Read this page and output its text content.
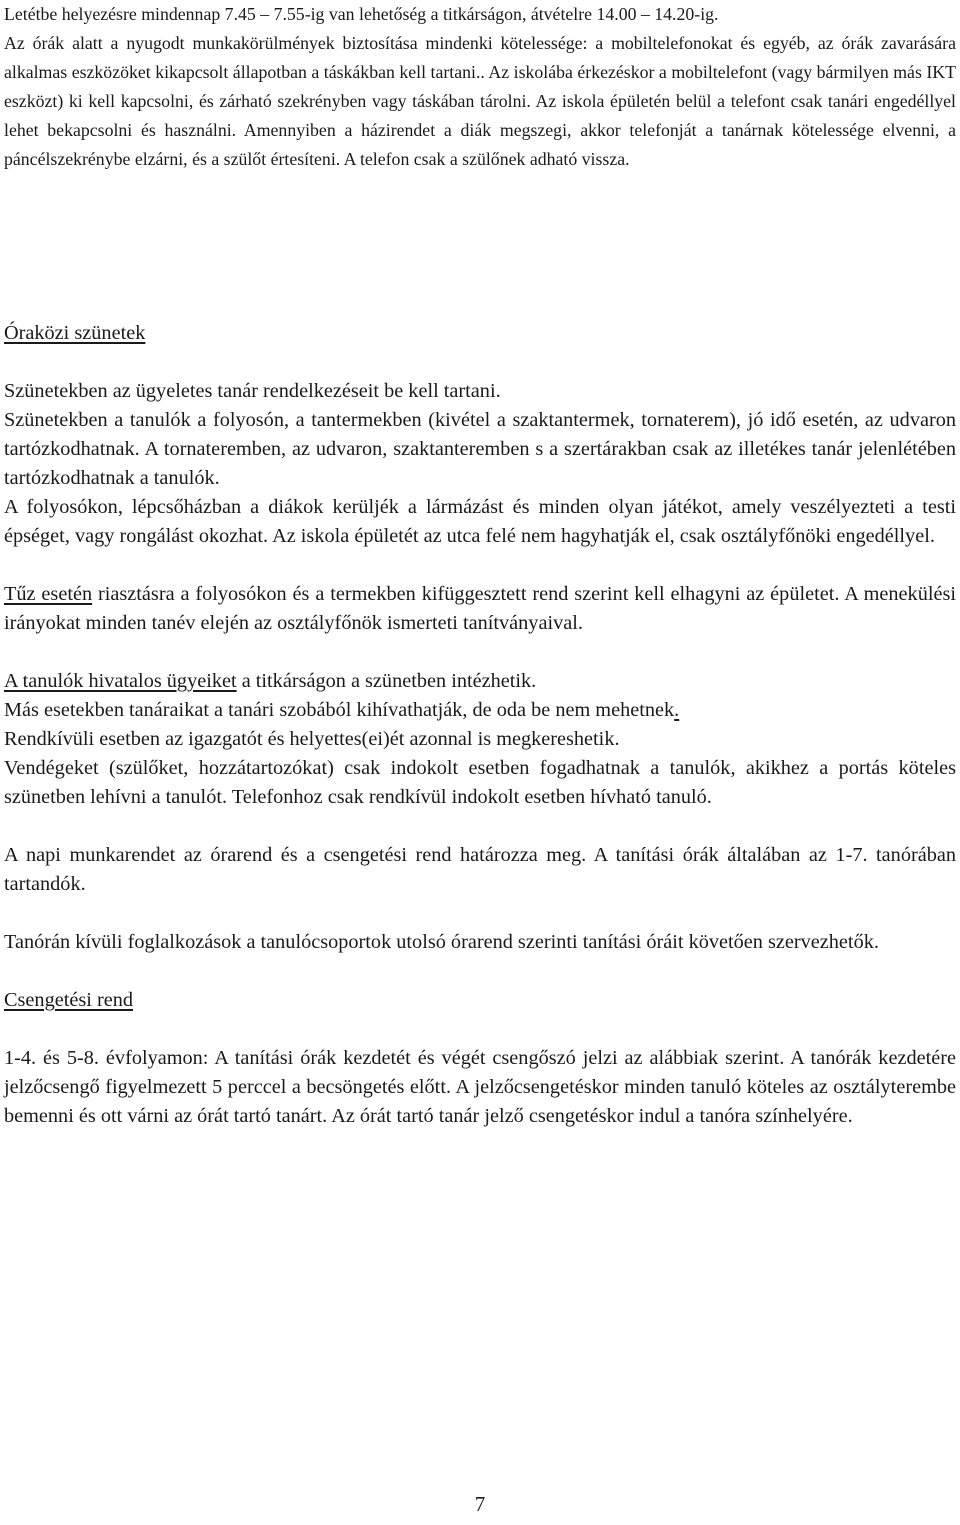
Letétbe helyezésre mindennap 7.45 – 7.55-ig van lehetőség a titkárságon, átvételre 14.00 – 14.20-ig.

Az órák alatt a nyugodt munkakörülmények biztosítása mindenki kötelessége: a mobiltelefonokat és egyéb, az órák zavarására alkalmas eszközöket kikapcsolt állapotban a táskákban kell tartani.. Az iskolába érkezéskor a mobiltelefont (vagy bármilyen más IKT eszközt) ki kell kapcsolni, és zárható szekrényben vagy táskában tárolni. Az iskola épületén belül a telefont csak tanári engedéllyel lehet bekapcsolni és használni. Amennyiben a házirendet a diák megszegi, akkor telefonját a tanárnak kötelessége elvenni, a páncélszekrénybe elzárni, és a szülőt értesíteni. A telefon csak a szülőnek adható vissza.

Óraközi szünetek

Szünetekben az ügyeletes tanár rendelkezéseit be kell tartani.

Szünetekben a tanulók a folyosón, a tantermekben (kivétel a szaktantermek, tornaterem), jó idő esetén, az udvaron tartózkodhatnak. A tornateremben, az udvaron, szaktanteremben s a szertárakban csak az illetékes tanár jelenlétében tartózkodhatnak a tanulók.

A folyosókon, lépcsőházban a diákok kerüljék a lármázást és minden olyan játékot, amely veszélyezteti a testi épséget, vagy rongálást okozhat. Az iskola épületét az utca felé nem hagyhatják el, csak osztályfőnöki engedéllyel.

Tűz esetén riasztásra a folyosókon és a termekben kifüggesztett rend szerint kell elhagyni az épületet. A menekülési irányokat minden tanév elején az osztályfőnök ismerteti tanítványaival.

A tanulók hivatalos ügyeiket a titkárságon a szünetben intézhetik.

Más esetekben tanáraikat a tanári szobából kihívathatják, de oda be nem mehetnek.

Rendkívüli esetben az igazgatót és helyettes(ei)ét azonnal is megkereshetik.

Vendégeket (szülőket, hozzátartozókat) csak indokolt esetben fogadhatnak a tanulók, akikhez a portás köteles szünetben lehívni a tanulót. Telefonhoz csak rendkívül indokolt esetben hívható tanuló.

A napi munkarendet az órarend és a csengetési rend határozza meg. A tanítási órák általában az 1-7. tanórában tartandók.

Tanórán kívüli foglalkozások a tanulócsoportok utolsó órarend szerinti tanítási óráit követően szervezhetők.

Csengetési rend

1-4. és 5-8. évfolyamon: A tanítási órák kezdetét és végét csengőszó jelzi az alábbiak szerint. A tanórák kezdetére jelzőcsengő figyelmezett 5 perccel a becsöngetés előtt. A jelzőcsengetéskor minden tanuló köteles az osztályterembe bemenni és ott várni az órát tartó tanárt. Az órát tartó tanár jelző csengetéskor indul a tanóra színhelyére.

7
